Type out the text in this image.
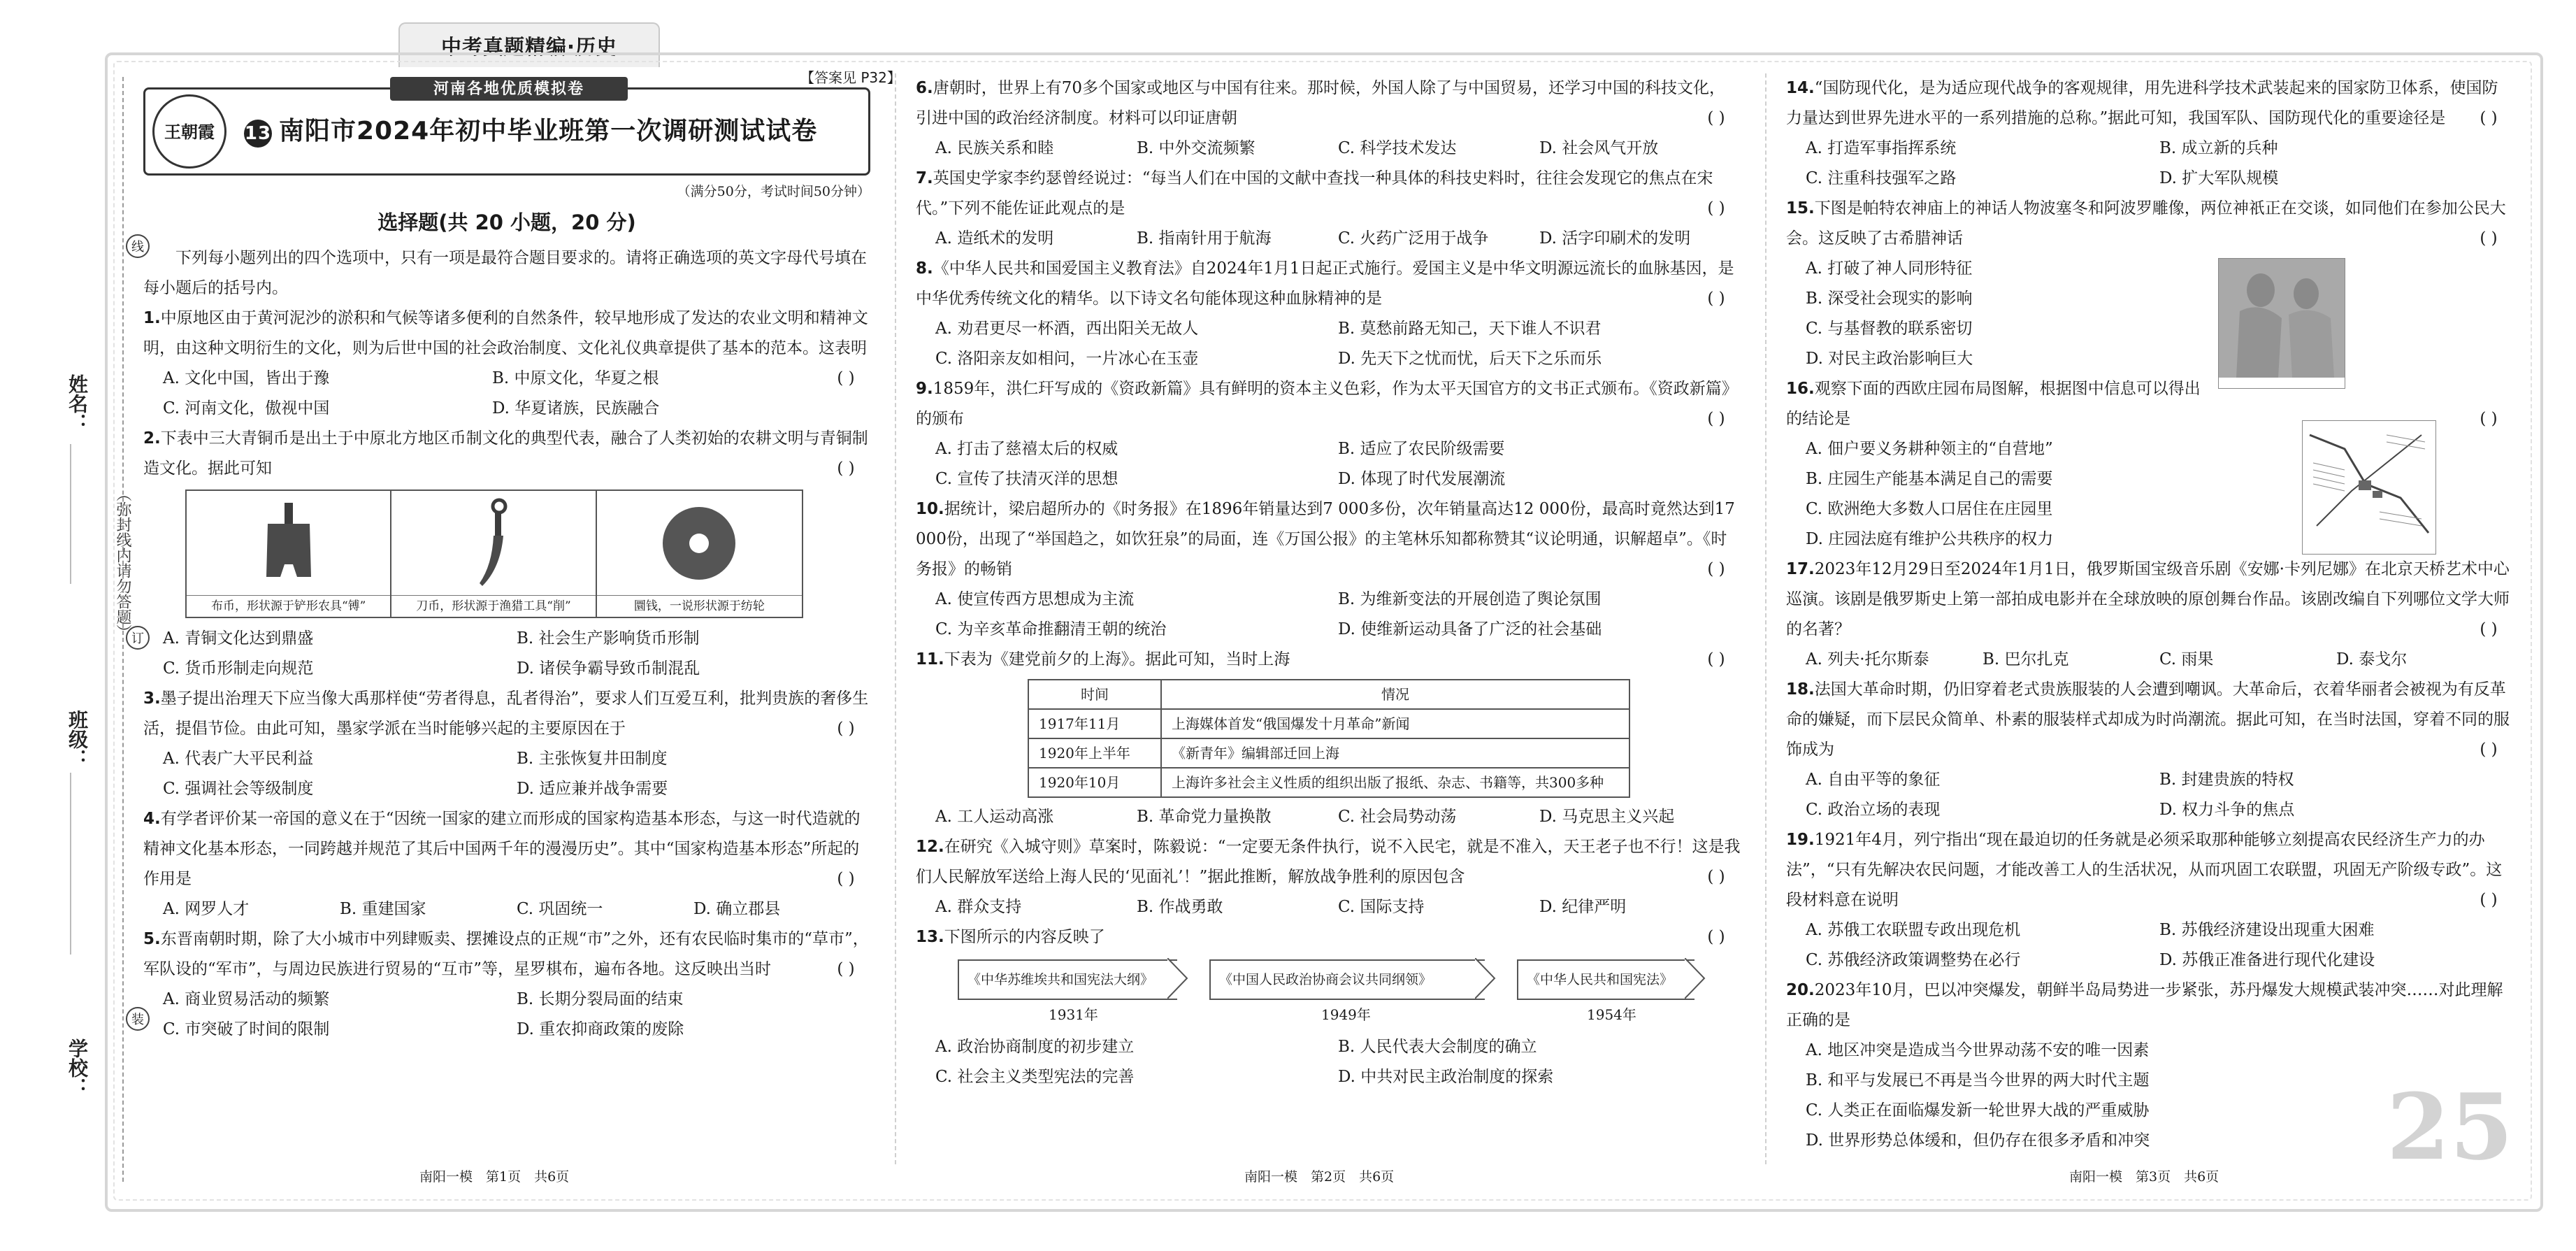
中考真题精编·历史
姓名：
班级：
学校：
（弥封线内请勿答题）
线
订
装
【答案见 P32】
河南各地优质模拟卷
王朝霞 13 南阳市2024年初中毕业班第一次调研测试试卷

（满分50分，考试时间50分钟）

选择题(共 20 小题，20 分)

下列每小题列出的四个选项中，只有一项是最符合题目要求的。请将正确选项的英文字母代号填在每小题后的括号内。

1.中原地区由于黄河泥沙的淤积和气候等诸多便利的自然条件，较早地形成了发达的农业文明和精神文明，由这种文明衍生的文化，则为后世中国的社会政治制度、文化礼仪典章提供了基本的范本。这表明
( )

A. 文化中国，皆出于豫	B. 中原文化，华夏之根
C. 河南文化，傲视中国	D. 华夏诸族，民族融合

2.下表中三大青铜币是出土于中原北方地区币制文化的典型代表，融合了人类初始的农耕文明与青铜制造文化。据此可知	( )

布币，形状源于铲形农具“镈”	刀币，形状源于渔猎工具“削”	圜钱，一说形状源于纺轮
A. 青铜文化达到鼎盛	B. 社会生产影响货币形制
C. 货币形制走向规范	D. 诸侯争霸导致币制混乱

3.墨子提出治理天下应当像大禹那样使“劳者得息，乱者得治”，要求人们互爱互利，批判贵族的奢侈生活，提倡节俭。由此可知，墨家学派在当时能够兴起的主要原因在于	( )

A. 代表广大平民利益	B. 主张恢复井田制度
C. 强调社会等级制度	D. 适应兼并战争需要

4.有学者评价某一帝国的意义在于“因统一国家的建立而形成的国家构造基本形态，与这一时代造就的精神文化基本形态，一同跨越并规范了其后中国两千年的漫漫历史”。其中“国家构造基本形态”所起的作用是	( )

A. 网罗人才	B. 重建国家	C. 巩固统一	D. 确立郡县

5.东晋南朝时期，除了大小城市中列肆贩卖、摆摊设点的正规“市”之外，还有农民临时集市的“草市”，军队设的“军市”，与周边民族进行贸易的“互市”等，星罗棋布，遍布各地。这反映出当时	( )

A. 商业贸易活动的频繁	B. 长期分裂局面的结束
C. 市突破了时间的限制	D. 重农抑商政策的废除

6.唐朝时，世界上有70多个国家或地区与中国有往来。那时候，外国人除了与中国贸易，还学习中国的科技文化，引进中国的政治经济制度。材料可以印证唐朝	( )

A. 民族关系和睦	B. 中外交流频繁	C. 科学技术发达	D. 社会风气开放

7.英国史学家李约瑟曾经说过：“每当人们在中国的文献中查找一种具体的科技史料时，往往会发现它的焦点在宋代。”下列不能佐证此观点的是	( )

A. 造纸术的发明	B. 指南针用于航海	C. 火药广泛用于战争	D. 活字印刷术的发明

8.《中华人民共和国爱国主义教育法》自2024年1月1日起正式施行。爱国主义是中华文明源远流长的血脉基因，是中华优秀传统文化的精华。以下诗文名句能体现这种血脉精神的是	( )

A. 劝君更尽一杯酒，西出阳关无故人	B. 莫愁前路无知己，天下谁人不识君
C. 洛阳亲友如相问，一片冰心在玉壶	D. 先天下之忧而忧，后天下之乐而乐

9.1859年，洪仁玕写成的《资政新篇》具有鲜明的资本主义色彩，作为太平天国官方的文书正式颁布。《资政新篇》的颁布	( )

A. 打击了慈禧太后的权威	B. 适应了农民阶级需要
C. 宣传了扶清灭洋的思想	D. 体现了时代发展潮流

10.据统计，梁启超所办的《时务报》在1896年销量达到7 000多份，次年销量高达12 000份，最高时竟然达到17 000份，出现了“举国趋之，如饮狂泉”的局面，连《万国公报》的主笔林乐知都称赞其“议论明通，识解超卓”。《时务报》的畅销	( )

A. 使宣传西方思想成为主流	B. 为维新变法的开展创造了舆论氛围
C. 为辛亥革命推翻清王朝的统治	D. 使维新运动具备了广泛的社会基础

11.下表为《建党前夕的上海》。据此可知，当时上海	( )

时间	情况
1917年11月	上海媒体首发“俄国爆发十月革命”新闻
1920年上半年	《新青年》编辑部迁回上海
1920年10月	上海许多社会主义性质的组织出版了报纸、杂志、书籍等，共300多种
A. 工人运动高涨	B. 革命党力量换散	C. 社会局势动荡	D. 马克思主义兴起

12.在研究《入城守则》草案时，陈毅说：“一定要无条件执行，说不入民宅，就是不准入，天王老子也不行！这是我们人民解放军送给上海人民的‘见面礼’！”据此推断，解放战争胜利的原因包含	( )

A. 群众支持	B. 作战勇敢	C. 国际支持	D. 纪律严明

13.下图所示的内容反映了	( )

《中华苏维埃共和国宪法大纲》
1931年
《中国人民政治协商会议共同纲领》
1949年
《中华人民共和国宪法》
1954年
A. 政治协商制度的初步建立	B. 人民代表大会制度的确立
C. 社会主义类型宪法的完善	D. 中共对民主政治制度的探索

14.“国防现代化，是为适应现代战争的客观规律，用先进科学技术武装起来的国家防卫体系，使国防力量达到世界先进水平的一系列措施的总称。”据此可知，我国军队、国防现代化的重要途径是	( )

A. 打造军事指挥系统	B. 成立新的兵种
C. 注重科技强军之路	D. 扩大军队规模

15.下图是帕特农神庙上的神话人物波塞冬和阿波罗雕像，两位神祇正在交谈，如同他们在参加公民大会。这反映了古希腊神话	( )

A. 打破了神人同形特征
B. 深受社会现实的影响
C. 与基督教的联系密切
D. 对民主政治影响巨大

16.观察下面的西欧庄园布局图解，根据图中信息可以得出的结论是	( )

A. 佃户要义务耕种领主的“自营地”
B. 庄园生产能基本满足自己的需要
C. 欧洲绝大多数人口居住在庄园里
D. 庄园法庭有维护公共秩序的权力

17.2023年12月29日至2024年1月1日，俄罗斯国宝级音乐剧《安娜·卡列尼娜》在北京天桥艺术中心巡演。该剧是俄罗斯史上第一部拍成电影并在全球放映的原创舞台作品。该剧改编自下列哪位文学大师的名著？	( )

A. 列夫·托尔斯泰	B. 巴尔扎克	C. 雨果	D. 泰戈尔

18.法国大革命时期，仍旧穿着老式贵族服装的人会遭到嘲讽。大革命后，衣着华丽者会被视为有反革命的嫌疑，而下层民众简单、朴素的服装样式却成为时尚潮流。据此可知，在当时法国，穿着不同的服饰成为	( )

A. 自由平等的象征	B. 封建贵族的特权
C. 政治立场的表现	D. 权力斗争的焦点

19.1921年4月，列宁指出“现在最迫切的任务就是必须采取那种能够立刻提高农民经济生产力的办法”，“只有先解决农民问题，才能改善工人的生活状况，从而巩固工农联盟，巩固无产阶级专政”。这段材料意在说明	( )

A. 苏俄工农联盟专政出现危机	B. 苏俄经济建设出现重大困难
C. 苏俄经济政策调整势在必行	D. 苏俄正准备进行现代化建设

20.2023年10月，巴以冲突爆发，朝鲜半岛局势进一步紧张，苏丹爆发大规模武装冲突……对此理解正确的是

A. 地区冲突是造成当今世界动荡不安的唯一因素
B. 和平与发展已不再是当今世界的两大时代主题
C. 人类正在面临爆发新一轮世界大战的严重威胁
D. 世界形势总体缓和，但仍存在很多矛盾和冲突
南阳一模　第1页　共6页	南阳一模　第2页　共6页	南阳一模　第3页　共6页 25
